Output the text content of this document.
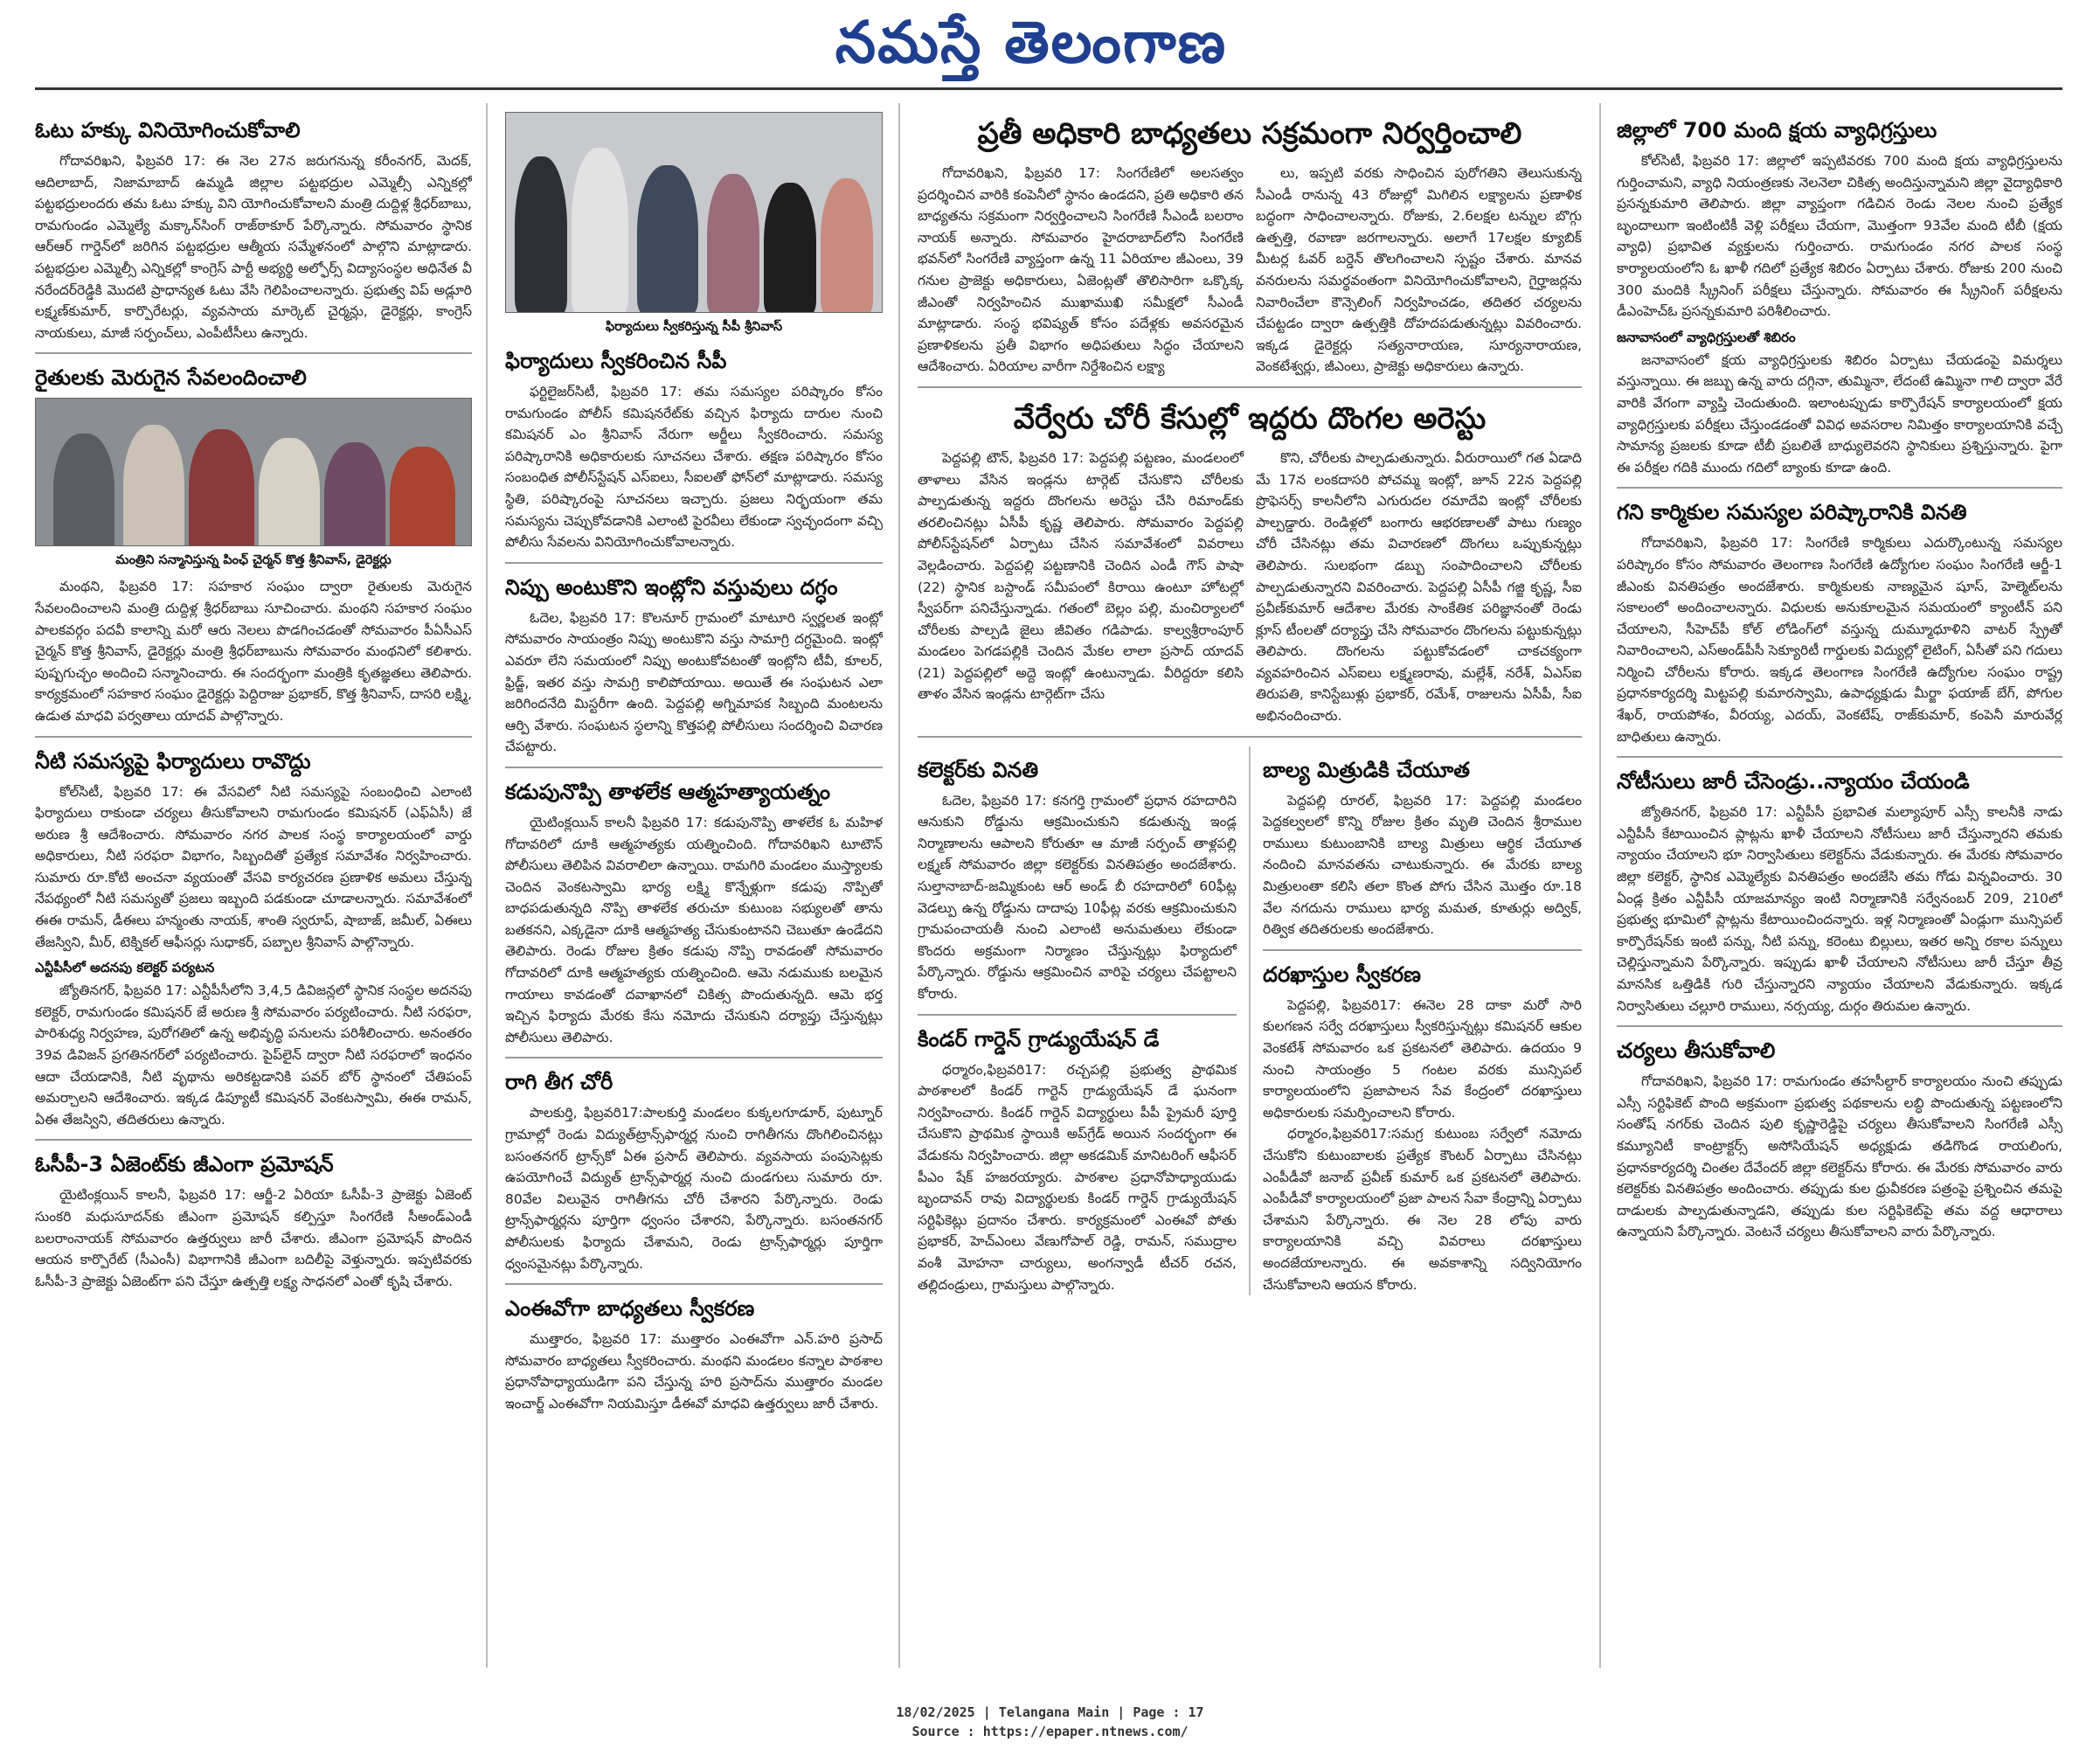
నమస్తే తెలంగాణ
ఓటు హక్కు వినియోగించుకోవాలి
గోదావరిఖని, ఫిబ్రవరి 17: ఈ నెల 27న జరుగనున్న కరీంనగర్, మెదక్, ఆదిలాబాద్, నిజామాబాద్ ఉమ్మడి జిల్లాల పట్టభద్రుల ఎమ్మెల్సీ ఎన్నికల్లో పట్టభద్రులందరు తమ ఓటు హక్కు విని యోగించుకోవాలని మంత్రి దుద్దిళ్ల శ్రీధర్‌బాబు, రామగుండం ఎమ్మెల్యే మక్కాన్‌సింగ్ రాజ్‌ఠాకూర్ పేర్కొన్నారు. సోమవారం స్థానిక ఆర్‌ఆర్ గార్డెన్‌లో జరిగిన పట్టభద్రుల ఆత్మీయ సమ్మేళనంలో పాల్గొని మాట్లాడారు. పట్టభద్రుల ఎమ్మెల్సీ ఎన్నికల్లో కాంగ్రెస్ పార్టీ అభ్యర్థి అల్ఫోర్స్ విద్యాసంస్థల అధినేత వీ నరేందర్‌రెడ్డికి మొదటి ప్రాధాన్యత ఓటు వేసి గెలిపించాలన్నారు. ప్రభుత్వ విప్ అడ్లూరి లక్ష్మణ్‌కుమార్, కార్పొరేటర్లు, వ్యవసాయ మార్కెట్ చైర్మన్లు, డైరెక్టర్లు, కాంగ్రెస్ నాయకులు, మాజీ సర్పంచ్‌లు, ఎంపీటీసీలు ఉన్నారు.
రైతులకు మెరుగైన సేవలందించాలి
మంత్రిని సన్మానిస్తున్న పింఛ్ చైర్మన్ కొత్త శ్రీనివాస్, డైరెక్టర్లు
మంథని, ఫిబ్రవరి 17: సహకార సంఘం ద్వారా రైతులకు మెరుగైన సేవలందించాలని మంత్రి దుద్దిళ్ల శ్రీధర్‌బాబు సూచించారు. మంథని సహకార సంఘం పాలకవర్గం పదవీ కాలాన్ని మరో ఆరు నెలలు పొడగించడంతో సోమవారం పీఏసీఎస్ చైర్మన్ కొత్త శ్రీనివాస్, డైరెక్టర్లు మంత్రి శ్రీధర్‌బాబును సోమవారం మంథనిలో కలిశారు. పుష్పగుచ్ఛం అందించి సన్మానించారు. ఈ సందర్భంగా మంత్రికి కృతజ్ఞతలు తెలిపారు. కార్యక్రమంలో సహకార సంఘం డైరెక్టర్లు పెద్దిరాజు ప్రభాకర్, కొత్త శ్రీనివాస్, దాసరి లక్ష్మి, ఉడుత మాధవి పర్వతాలు యాదవ్ పాల్గొన్నారు.
నీటి సమస్యపై ఫిర్యాదులు రావొద్దు
కోల్‌సిటీ, ఫిబ్రవరి 17: ఈ వేసవిలో నీటి సమస్యపై సంబంధించి ఎలాంటి ఫిర్యాదులు రాకుండా చర్యలు తీసుకోవాలని రామగుండం కమిషనర్ (ఎఫ్‌ఏసీ) జే అరుణ శ్రీ ఆదేశించారు. సోమవారం నగర పాలక సంస్థ కార్యాలయంలో వార్డు అధికారులు, నీటి సరఫరా విభాగం, సిబ్బందితో ప్రత్యేక సమావేశం నిర్వహించారు. సుమారు రూ.కోటి అంచనా వ్యయంతో వేసవి కార్యచరణ ప్రణాళిక అమలు చేస్తున్న నేపథ్యంలో నీటి సమస్యతో ప్రజలు ఇబ్బంది పడకుండా చూడాలన్నారు. సమావేశంలో ఈఈ రామన్, డీఈలు హన్మంతు నాయక్, శాంతి స్వరూప్, షాబాజ్, జమీల్, ఏఈలు తేజస్విని, మీర్, టెక్నికల్ ఆఫీసర్లు సుధాకర్, పబ్బాల శ్రీనివాస్ పాల్గొన్నారు.
ఎన్టీపీసీలో అదనపు కలెక్టర్ పర్యటన
జ్యోతినగర్, ఫిబ్రవరి 17: ఎన్టీపీసీలోని 3,4,5 డివిజన్లలో స్థానిక సంస్థల అదనపు కలెక్టర్, రామగుండం కమిషనర్ జే అరుణ శ్రీ సోమవారం పర్యటించారు. నీటి సరఫరా, పారిశుధ్య నిర్వహణ, పురోగతిలో ఉన్న అభివృద్ధి పనులను పరిశీలించారు. అనంతరం 39వ డివిజన్ ప్రగతినగర్‌లో పర్యటించారు. పైప్‌లైన్ ద్వారా నీటి సరఫరాలో ఇంధనం ఆదా చేయడానికి, నీటి వృథాను అరికట్టడానికి పవర్ బోర్ స్థానంలో చేతిపంప్ అమర్చాలని ఆదేశించారు. ఇక్కడ డిప్యూటీ కమిషనర్ వెంకటస్వామి, ఈఈ రామన్, ఏఈ తేజస్విని, తదితరులు ఉన్నారు.
ఓసీపీ-3 ఏజెంట్‌కు జీఎంగా ప్రమోషన్
యైటింక్లయిన్ కాలనీ, ఫిబ్రవరి 17: ఆర్జీ-2 ఏరియా ఓసీపీ-3 ప్రాజెక్టు ఏజెంట్ సుంకరి మధుసూదన్‌కు జీఎంగా ప్రమోషన్ కల్పిస్తూ సింగరేణి సీఅండ్‌ఎండీ బలరాంనాయక్ సోమవారం ఉత్తర్వులు జారీ చేశారు. జీఎంగా ప్రమోషన్ పొందిన ఆయన కార్పొరేట్ (సీఎంసీ) విభాగానికి జీఎంగా బదిలీపై వెళ్తున్నారు. ఇప్పటివరకు ఓసీపీ-3 ప్రాజెక్టు ఏజెంట్‌గా పని చేస్తూ ఉత్పత్తి లక్ష్య సాధనలో ఎంతో కృషి చేశారు.
ఫిర్యాదులు స్వీకరిస్తున్న సీపీ శ్రీనివాస్
ఫిర్యాదులు స్వీకరించిన సీపీ
ఫర్టిలైజర్‌సిటీ, ఫిబ్రవరి 17: తమ సమస్యల పరిష్కారం కోసం రామగుండం పోలీస్ కమిషనరేట్‌కు వచ్చిన ఫిర్యాదు దారుల నుంచి కమిషనర్ ఎం శ్రీనివాస్ నేరుగా అర్జీలు స్వీకరించారు. సమస్య పరిష్కారానికి అధికారులకు సూచనలు చేశారు. తక్షణ పరిష్కారం కోసం సంబంధిత పోలీస్‌స్టేషన్ ఎస్‌ఐలు, సీఐలతో ఫోన్‌లో మాట్లాడారు. సమస్య స్థితి, పరిష్కారంపై సూచనలు ఇచ్చారు. ప్రజలు నిర్భయంగా తమ సమస్యను చెప్పుకోవడానికి ఎలాంటి పైరవీలు లేకుండా స్వచ్ఛందంగా వచ్చి పోలీసు సేవలను వినియోగించుకోవాలన్నారు.
నిప్పు అంటుకొని ఇంట్లోని వస్తువులు దగ్ధం
ఓదెల, ఫిబ్రవరి 17: కొలనూర్ గ్రామంలో మాటూరి స్వర్ణలత ఇంట్లో సోమవారం సాయంత్రం నిప్పు అంటుకొని వస్తు సామాగ్రి దగ్ధమైంది. ఇంట్లో ఎవరూ లేని సమయంలో నిప్పు అంటుకోవటంతో ఇంట్లోని టీవీ, కూలర్, ఫ్రిడ్జ్, ఇతర వస్తు సామగ్రి కాలిపోయాయి. అయితే ఈ సంఘటన ఎలా జరిగిందనేది మిస్టరీగా ఉంది. పెద్దపల్లి అగ్నిమాపక సిబ్బంది మంటలను ఆర్పి వేశారు. సంఘటన స్థలాన్ని కొత్తపల్లి పోలీసులు సందర్శించి విచారణ చేపట్టారు.
కడుపునొప్పి తాళలేక ఆత్మహత్యాయత్నం
యైటింక్లయిన్ కాలనీ ఫిబ్రవరి 17: కడుపునొప్పి తాళలేక ఓ మహిళ గోదావరిలో దూకి ఆత్మహత్యకు యత్నించింది. గోదావరిఖని టూటౌన్ పోలీసులు తెలిపిన వివరాలిలా ఉన్నాయి. రామగిరి మండలం ముస్త్యాలకు చెందిన వెంకటస్వామి భార్య లక్ష్మి కొన్నేళ్లుగా కడుపు నొప్పితో బాధపడుతున్నది నొప్పి తాళలేక తరుచూ కుటుంబ సభ్యులతో తాను బతకనని, ఎక్కడైనా దూకి ఆత్మహత్య చేసుకుంటానని చెబుతూ ఉండేదని తెలిపారు. రెండు రోజుల క్రితం కడుపు నొప్పి రావడంతో సోమవారం గోదావరిలో దూకి ఆత్మహత్యకు యత్నించింది. ఆమె నడుముకు బలమైన గాయాలు కావడంతో దవాఖానలో చికిత్స పొందుతున్నది. ఆమె భర్త ఇచ్చిన ఫిర్యాదు మేరకు కేసు నమోదు చేసుకుని దర్యాప్తు చేస్తున్నట్లు పోలీసులు తెలిపారు.
రాగి తీగ చోరీ
పాలకుర్తి, ఫిబ్రవరి17:పాలకుర్తి మండలం కుక్కలగూడూర్, పుట్నూర్ గ్రామాల్లో రెండు విద్యుత్‌ట్రాన్స్‌ఫార్మర్ల నుంచి రాగితీగను దొంగిలించినట్లు బసంతనగర్ ట్రాన్స్‌కో ఏఈ ప్రసాద్ తెలిపారు. వ్యవసాయ పంపుసెట్లకు ఉపయోగించే విద్యుత్ ట్రాన్స్‌ఫార్మర్ల నుంచి దుండగులు సుమారు రూ. 80వేల విలువైన రాగితీగను చోరీ చేశారని పేర్కొన్నారు. రెండు ట్రాన్స్‌ఫార్మర్లను పూర్తిగా ధ్వంసం చేశారని, పేర్కొన్నారు. బసంతనగర్ పోలీసులకు ఫిర్యాదు చేశామని, రెండు ట్రాన్స్‌ఫార్మర్లు పూర్తిగా ధ్వంసమైనట్లు పేర్కొన్నారు.
ఎంఈవోగా బాధ్యతలు స్వీకరణ
ముత్తారం, ఫిబ్రవరి 17: ముత్తారం ఎంఈవోగా ఎన్.హరి ప్రసాద్ సోమవారం బాధ్యతలు స్వీకరించారు. మంథని మండలం కన్నాల పాఠశాల ప్రధానోపాధ్యాయుడిగా పని చేస్తున్న హరి ప్రసాద్‌ను ముత్తారం మండల ఇంచార్జ్ ఎంఈవోగా నియమిస్తూ డీఈవో మాధవి ఉత్తర్వులు జారీ చేశారు.
ప్రతీ అధికారి బాధ్యతలు సక్రమంగా నిర్వర్తించాలి
గోదావరిఖని, ఫిబ్రవరి 17: సింగరేణిలో అలసత్వం ప్రదర్శించిన వారికి కంపెనీలో స్థానం ఉండదని, ప్రతి అధికారి తన బాధ్యతను సక్రమంగా నిర్వర్తించాలని సింగరేణి సీఎండీ బలరాం నాయక్ అన్నారు. సోమవారం హైదరాబాద్‌లోని సింగరేణి భవన్‌లో సింగరేణి వ్యాప్తంగా ఉన్న 11 ఏరియాల జీఎంలు, 39 గనుల ప్రాజెక్టు అధికారులు, ఏజెంట్లతో తొలిసారిగా ఒక్కొక్క జీఎంతో నిర్వహించిన ముఖాముఖి సమీక్షలో సీఎండీ మాట్లాడారు. సంస్థ భవిష్యత్ కోసం పదేళ్లకు అవసరమైన ప్రణాళికలను ప్రతీ విభాగం అధిపతులు సిద్ధం చేయాలని ఆదేశించారు. ఏరియాల వారీగా నిర్దేశించిన లక్ష్యా
లు, ఇప్పటి వరకు సాధించిన పురోగతిని తెలుసుకున్న సీఎండీ రానున్న 43 రోజుల్లో మిగిలిన లక్ష్యాలను ప్రణాళిక బద్ధంగా సాధించాలన్నారు. రోజుకు, 2.6లక్షల టన్నుల బొగ్గు ఉత్పత్తి, రవాణా జరగాలన్నారు. అలాగే 17లక్షల క్యూబిక్ మీటర్ల ఓవర్ బర్డెన్ తొలగించాలని స్పష్టం చేశారు. మానవ వనరులను సమర్థవంతంగా వినియోగించుకోవాలని, గైర్హాజర్లను నివారించేలా కౌన్సెలింగ్ నిర్వహించడం, తదితర చర్యలను చేపట్టడం ద్వారా ఉత్పత్తికి దోహదపడుతున్నట్లు వివరించారు. ఇక్కడ డైరెక్టర్లు సత్యనారాయణ, సూర్యనారాయణ, వెంకటేశ్వర్లు, జీఎంలు, ప్రాజెక్టు అధికారులు ఉన్నారు.
వేర్వేరు చోరీ కేసుల్లో ఇద్దరు దొంగల అరెస్టు
పెద్దపల్లి టౌన్, ఫిబ్రవరి 17: పెద్దపల్లి పట్టణం, మండలంలో తాళాలు వేసిన ఇండ్లను టార్గెట్ చేసుకొని చోరీలకు పాల్పడుతున్న ఇద్దరు దొంగలను అరెస్టు చేసి రిమాండ్‌కు తరలించినట్లు ఏసీపీ కృష్ణ తెలిపారు. సోమవారం పెద్దపల్లి పోలీస్‌స్టేషన్‌లో ఏర్పాటు చేసిన సమావేశంలో వివరాలు వెల్లడించారు. పెద్దపల్లి పట్టణానికి చెందిన ఎండీ గౌస్ పాషా (22) స్థానిక బస్టాండ్ సమీపంలో కిరాయి ఉంటూ హోటల్లో స్వీపర్‌గా పనిచేస్తున్నాడు. గతంలో బెల్లం పల్లి, మంచిర్యాలలో చోరీలకు పాల్పడి జైలు జీవితం గడిపాడు. కాల్వశ్రీరాంపూర్ మండలం పెగడపల్లికి చెందిన మేకల లాలా ప్రసాద్ యాదవ్ (21) పెద్దపల్లిలో అద్దె ఇంట్లో ఉంటున్నాడు. వీరిద్దరూ కలిసి తాళం వేసిన ఇండ్లను టార్గెట్‌గా చేసు
కొని, చోరీలకు పాల్పడుతున్నారు. వీరురాయిలో గత ఏడాది మే 17న లంకదాసరి పోచమ్మ ఇంట్లో, జూన్ 22న పెద్దపల్లి ప్రొఫెసర్స్ కాలనీలోని ఎగురుదల రమాదేవి ఇంట్లో చోరీలకు పాల్పడ్డారు. రెండిళ్లలో బంగారు ఆభరణాలతో పాటు గుణ్యం చోరీ చేసినట్లు తమ విచారణలో దొంగలు ఒప్పుకున్నట్లు తెలిపారు. సులభంగా డబ్బు సంపాదించాలని చోరీలకు పాల్పడుతున్నారని వివరించారు. పెద్దపల్లి ఏసీపీ గజ్జి కృష్ణ, సీఐ ప్రవీణ్‌కుమార్ ఆదేశాల మేరకు సాంకేతిక పరిజ్ఞానంతో రెండు క్లూస్ టీంలతో దర్యాప్తు చేసి సోమవారం దొంగలను పట్టుకున్నట్లు తెలిపారు. దొంగలను పట్టుకోవడంలో చాకచక్యంగా వ్యవహరించిన ఎస్ఐలు లక్ష్మణరావు, మల్లేశ్, నరేశ్, ఏఎస్ఐ తిరుపతి, కానిస్టేబుళ్లు ప్రభాకర్, రమేశ్, రాజులను ఏసీపీ, సీఐ అభినందించారు.
కలెక్టర్‌కు వినతి
ఓదెల, ఫిబ్రవరి 17: కనగర్తి గ్రామంలో ప్రధాన రహదారిని ఆనుకుని రోడ్డును ఆక్రమించుకుని కడుతున్న ఇండ్ల నిర్మాణాలను ఆపాలని కోరుతూ ఆ మాజీ సర్పంచ్ తాళ్లపల్లి లక్ష్మణ్ సోమవారం జిల్లా కలెక్టర్‌కు వినతిపత్రం అందజేశారు. సుల్తానాబాద్-జమ్మికుంట ఆర్ అండ్ బీ రహదారిలో 60ఫీట్ల వెడల్పు ఉన్న రోడ్డును దాదాపు 10ఫీట్ల వరకు ఆక్రమించుకుని గ్రామపంచాయతీ నుంచి ఎలాంటి అనుమతులు లేకుండా కొందరు అక్రమంగా నిర్మాణం చేస్తున్నట్లు ఫిర్యాదులో పేర్కొన్నారు. రోడ్డును ఆక్రమించిన వారిపై చర్యలు చేపట్టాలని కోరారు.
కిండర్ గార్డెన్ గ్రాడ్యుయేషన్ డే
ధర్మారం,ఫిబ్రవరి17: రచ్చపల్లి ప్రభుత్వ ప్రాథమిక పాఠశాలలో కిండర్ గార్టెన్ గ్రాడ్యుయేషన్ డే ఘనంగా నిర్వహించారు. కిండర్ గార్డెన్ విద్యార్థులు పీపీ ప్రైమరీ పూర్తి చేసుకొని ప్రాథమిక స్థాయికి అప్‌గ్రేడ్ అయిన సందర్భంగా ఈ వేడుకను నిర్వహించారు. జిల్లా అకడమిక్ మానిటరింగ్ ఆఫీసర్ పీఎం షేక్ హజరయ్యారు. పాఠశాల ప్రధానోపాధ్యాయుడు బృందావన్ రావు విద్యార్థులకు కిండర్ గార్డెన్ గ్రాడ్యుయేషన్ సర్టిఫికెట్లు ప్రదానం చేశారు. కార్యక్రమంలో ఎంఈవో పోతు ప్రభాకర్, హెచ్ఎంలు వేణుగోపాల్ రెడ్డి, రామన్, సముద్రాల వంశీ మోహనా చార్యులు, అంగన్వాడీ టీచర్ రచన, తల్లిదండ్రులు, గ్రామస్తులు పాల్గొన్నారు.
బాల్య మిత్రుడికి చేయూత
పెద్దపల్లి రూరల్, ఫిబ్రవరి 17: పెద్దపల్లి మండలం పెద్దకల్వలలో కొన్ని రోజుల క్రితం మృతి చెందిన శ్రీరాముల రాములు కుటుంబానికి బాల్య మిత్రులు ఆర్థిక చేయూత నందించి మానవతను చాటుకున్నారు. ఈ మేరకు బాల్య మిత్రులంతా కలిసి తలా కొంత పోగు చేసిన మొత్తం రూ.18 వేల నగదును రాములు భార్య మమత, కూతుర్లు అద్విక్, రిత్విక తదితరులకు అందజేశారు.
దరఖాస్తుల స్వీకరణ
పెద్దపల్లి, ఫిబ్రవరి17: ఈనెల 28 దాకా మరో సారి కులగణన సర్వే దరఖాస్తులు స్వీకరిస్తున్నట్లు కమిషనర్ ఆకుల వెంకటేశ్ సోమవారం ఒక ప్రకటనలో తెలిపారు. ఉదయం 9 నుంచి సాయంత్రం 5 గంటల వరకు మున్సిపల్ కార్యాలయంలోని ప్రజాపాలన సేవ కేంద్రంలో దరఖాస్తులు అధికారులకు సమర్పించాలని కోరారు.
ధర్మారం,ఫిబ్రవరి17:సమగ్ర కుటుంబ సర్వేలో నమోదు చేసుకోని కుటుంబాలకు ప్రత్యేక కౌంటర్ ఏర్పాటు చేసినట్లు ఎంపీడీవో జనాబ్ ప్రవీణ్ కుమార్ ఒక ప్రకటనలో తెలిపారు. ఎంపీడీవో కార్యాలయంలో ప్రజా పాలన సేవా కేంద్రాన్ని ఏర్పాటు చేశామని పేర్కొన్నారు. ఈ నెల 28 లోపు వారు కార్యాలయానికి వచ్చి వివరాలు దరఖాస్తులు అందజేయాలన్నారు. ఈ అవకాశాన్ని సద్వినియోగం చేసుకోవాలని ఆయన కోరారు.
జిల్లాలో 700 మంది క్షయ వ్యాధిగ్రస్తులు
కోల్‌సిటీ, ఫిబ్రవరి 17: జిల్లాలో ఇప్పటివరకు 700 మంది క్షయ వ్యాధిగ్రస్తులను గుర్తించామని, వ్యాధి నియంత్రణకు నెలనెలా చికిత్స అందిస్తున్నామని జిల్లా వైద్యాధికారి ప్రసన్నకుమారి తెలిపారు. జిల్లా వ్యాప్తంగా గడిచిన రెండు నెలల నుంచి ప్రత్యేక బృందాలుగా ఇంటింటికీ వెళ్లి పరీక్షలు చేయగా, మొత్తంగా 93వేల మంది టీబీ (క్షయ వ్యాధి) ప్రభావిత వ్యక్తులను గుర్తించారు. రామగుండం నగర పాలక సంస్థ కార్యాలయంలోని ఓ ఖాళీ గదిలో ప్రత్యేక శిబిరం ఏర్పాటు చేశారు. రోజుకు 200 నుంచి 300 మందికి స్క్రీనింగ్ పరీక్షలు చేస్తున్నారు. సోమవారం ఈ స్క్రీనింగ్ పరీక్షలను డీఎంహెచ్ఓ ప్రసన్నకుమారి పరిశీలించారు.
జనావాసంలో వ్యాధిగ్రస్తులతో శిబిరం
జనావాసంలో క్షయ వ్యాధిగ్రస్తులకు శిబిరం ఏర్పాటు చేయడంపై విమర్శలు వస్తున్నాయి. ఈ జబ్బు ఉన్న వారు దగ్గినా, తుమ్మినా, లేదంటే ఉమ్మినా గాలి ద్వారా వేరే వారికి వేగంగా వ్యాప్తి చెందుతుంది. ఇలాంటప్పుడు కార్పొరేషన్ కార్యాలయంలో క్షయ వ్యాధిగ్రస్తులకు పరీక్షలు చేస్తుండడంతో వివిధ అవసరాల నిమిత్తం కార్యాలయానికి వచ్చే సామాన్య ప్రజలకు కూడా టీబీ ప్రబలితే బాధ్యులెవరని స్థానికులు ప్రశ్నిస్తున్నారు. పైగా ఈ పరీక్షల గదికి ముందు గదిలో బ్యాంకు కూడా ఉంది.
గని కార్మికుల సమస్యల పరిష్కారానికి వినతి
గోదావరిఖని, ఫిబ్రవరి 17: సింగరేణి కార్మికులు ఎదుర్కొంటున్న సమస్యల పరిష్కారం కోసం సోమవారం తెలంగాణ సింగరేణి ఉద్యోగుల సంఘం సింగరేణి ఆర్జీ-1 జీఎంకు వినతిపత్రం అందజేశారు. కార్మికులకు నాణ్యమైన షూస్, హెల్మెట్‌లను సకాలంలో అందించాలన్నారు. విధులకు అనుకూలమైన సమయంలో క్యాంటీన్ పని చేయాలని, సీహెచ్‌పీ కోల్ లోడింగ్‌లో వస్తున్న దుమ్మూధూళిని వాటర్ స్ప్రేతో నివారించాలని, ఎస్అండ్‌పీసీ సెక్యూరిటీ గార్డులకు విద్యుల్లో లైటింగ్, ఏసీతో పని గదులు నిర్మించి చోరీలను కోరారు. ఇక్కడ తెలంగాణ సింగరేణి ఉద్యోగుల సంఘం రాష్ట్ర ప్రధానకార్యదర్శి మిట్టపల్లి కుమారస్వామి, ఉపాధ్యక్షుడు మీర్జా ఫయాజ్ బేగ్, పోగుల శేఖర్, రాయపోశం, వీరయ్య, ఎదయ్, వెంకటేష్, రాజ్‌కుమార్, కంపెనీ మారువేర్ల బాధితులు ఉన్నారు.
నోటీసులు జారీ చేసెండ్రు..న్యాయం చేయండి
జ్యోతినగర్, ఫిబ్రవరి 17: ఎన్టీపీసీ ప్రభావిత మల్యాపూర్ ఎస్సీ కాలనీకి నాడు ఎన్టీపీసీ కేటాయించిన ప్లాట్లను ఖాళీ చేయాలని నోటీసులు జారీ చేస్తున్నారని తమకు న్యాయం చేయాలని భూ నిర్వాసితులు కలెక్టర్‌ను వేడుకున్నారు. ఈ మేరకు సోమవారం జిల్లా కలెక్టర్, స్థానిక ఎమ్మెల్యేకు వినతిపత్రం అందజేసి తమ గోడు విన్నవించారు. 30 ఏండ్ల క్రితం ఎన్టీపీసీ యాజమాన్యం ఇంటి నిర్మాణానికి సర్వేనంబర్ 209, 210లో ప్రభుత్వ భూమిలో ప్లాట్లను కేటాయించిందన్నారు. ఇళ్ల నిర్మాణంతో ఏండ్లుగా మున్సిపల్ కార్పొరేషన్‌కు ఇంటి పన్ను, నీటి పన్ను, కరెంటు బిల్లులు, ఇతర అన్ని రకాల పన్నులు చెల్లిస్తున్నామని పేర్కొన్నారు. ఇప్పుడు ఖాళీ చేయాలని నోటీసులు జారీ చేస్తూ తీవ్ర మానసిక ఒత్తిడికి గురి చేస్తున్నారని న్యాయం చేయాలని వేడుకున్నారు. ఇక్కడ నిర్వాసితులు చల్లూరి రాములు, నర్సయ్య, దుర్గం తిరుమల ఉన్నారు.
చర్యలు తీసుకోవాలి
గోదావరిఖని, ఫిబ్రవరి 17: రామగుండం తహసీల్దార్ కార్యాలయం నుంచి తప్పుడు ఎస్సీ సర్టిఫికెట్ పొంది అక్రమంగా ప్రభుత్వ పథకాలను లబ్ధి పొందుతున్న పట్టణంలోని సంతోష్ నగర్‌కు చెందిన పులి కృష్ణారెడ్డిపై చర్యలు తీసుకోవాలని సింగరేణి ఎస్సీ కమ్యూనిటీ కాంట్రాక్టర్స్ అసోసియేషన్ అధ్యక్షుడు తడిగొండ రాయలింగు, ప్రధానకార్యదర్శి చింతల దేవేందర్ జిల్లా కలెక్టర్‌ను కోరారు. ఈ మేరకు సోమవారం వారు కలెక్టర్‌కు వినతిపత్రం అందించారు. తప్పుడు కుల ధ్రువీకరణ పత్రంపై ప్రశ్నించిన తమపై దాడులకు పాల్పడుతున్నాడని, తప్పుడు కుల సర్టిఫికెట్‌పై తమ వద్ద ఆధారాలు ఉన్నాయని పేర్కొన్నారు. వెంటనే చర్యలు తీసుకోవాలని వారు పేర్కొన్నారు.
18/02/2025 | Telangana Main | Page : 17
Source : https://epaper.ntnews.com/
